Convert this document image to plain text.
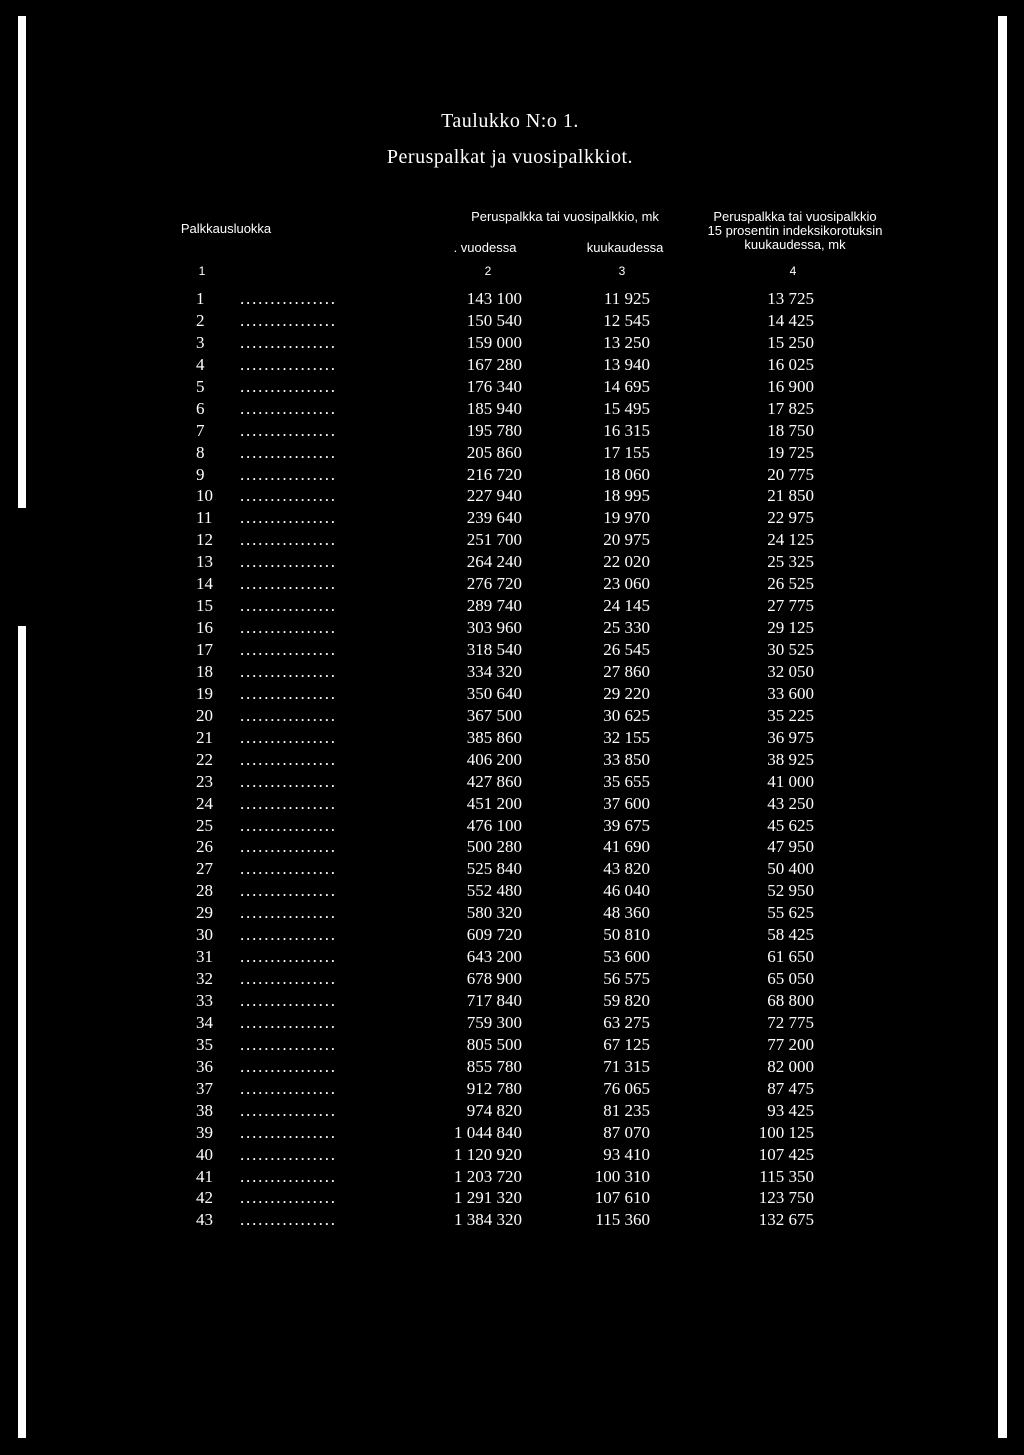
Taulukko N:o 1.
Peruspalkat ja vuosipalkkiot.
Palkkausluokka
Peruspalkka tai vuosipalkkio, mk
. vuodessa	kuukaudessa
Peruspalkka tai vuosipalkkio
15 prosentin indeksikorotuksin
kuukaudessa, mk
1	2	3	4
1	................	143 100	11 925	13 725
2	................	150 540	12 545	14 425
3	................	159 000	13 250	15 250
4	................	167 280	13 940	16 025
5	................	176 340	14 695	16 900
6	................	185 940	15 495	17 825
7	................	195 780	16 315	18 750
8	................	205 860	17 155	19 725
9	................	216 720	18 060	20 775
10	................	227 940	18 995	21 850
11	................	239 640	19 970	22 975
12	................	251 700	20 975	24 125
13	................	264 240	22 020	25 325
14	................	276 720	23 060	26 525
15	................	289 740	24 145	27 775
16	................	303 960	25 330	29 125
17	................	318 540	26 545	30 525
18	................	334 320	27 860	32 050
19	................	350 640	29 220	33 600
20	................	367 500	30 625	35 225
21	................	385 860	32 155	36 975
22	................	406 200	33 850	38 925
23	................	427 860	35 655	41 000
24	................	451 200	37 600	43 250
25	................	476 100	39 675	45 625
26	................	500 280	41 690	47 950
27	................	525 840	43 820	50 400
28	................	552 480	46 040	52 950
29	................	580 320	48 360	55 625
30	................	609 720	50 810	58 425
31	................	643 200	53 600	61 650
32	................	678 900	56 575	65 050
33	................	717 840	59 820	68 800
34	................	759 300	63 275	72 775
35	................	805 500	67 125	77 200
36	................	855 780	71 315	82 000
37	................	912 780	76 065	87 475
38	................	974 820	81 235	93 425
39	................	1 044 840	87 070	100 125
40	................	1 120 920	93 410	107 425
41	................	1 203 720	100 310	115 350
42	................	1 291 320	107 610	123 750
43	................	1 384 320	115 360	132 675
